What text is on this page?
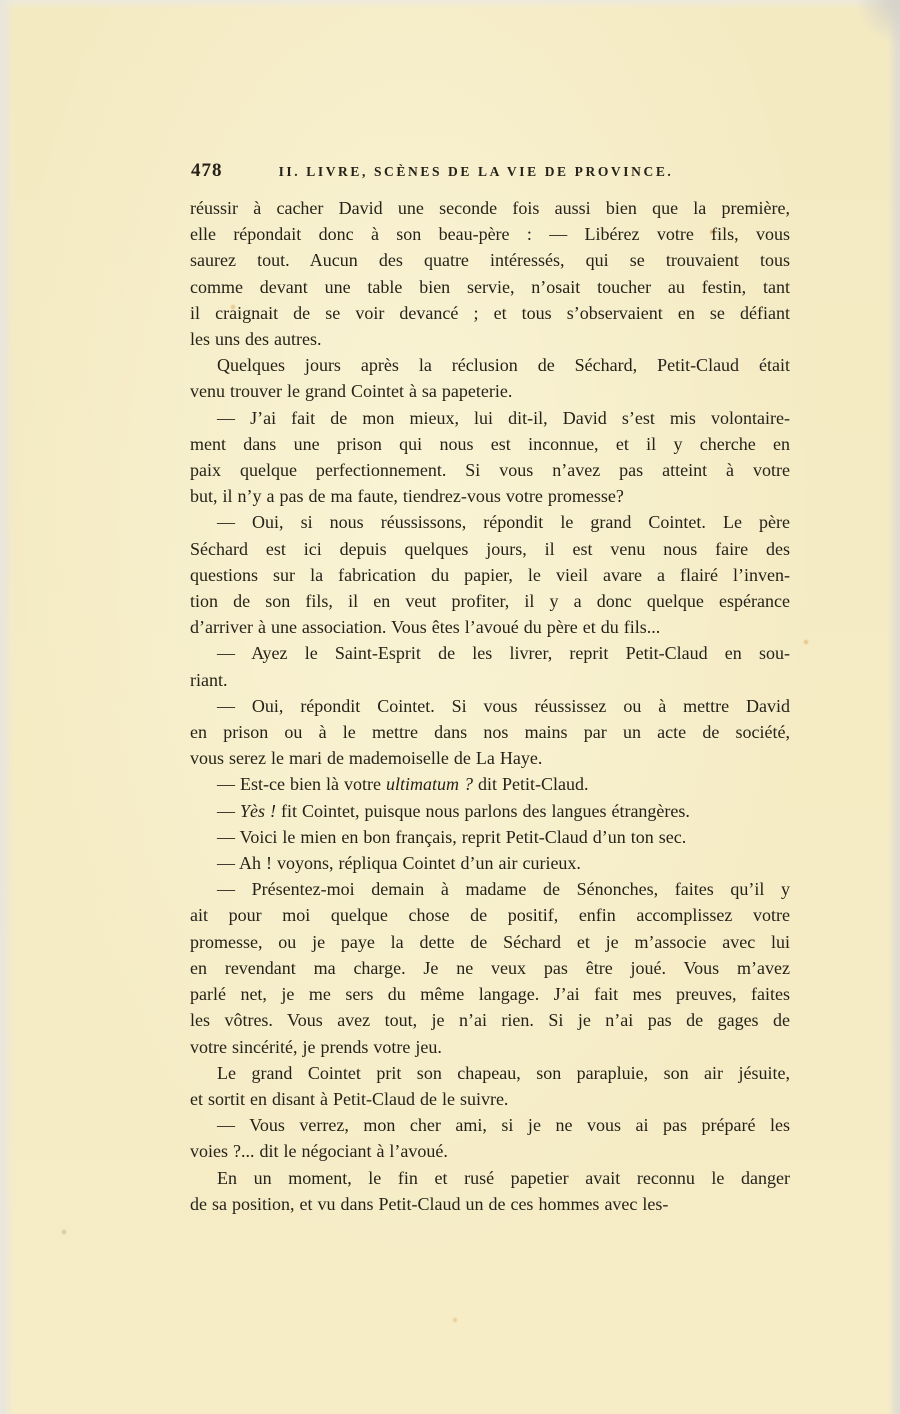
478	II. LIVRE, SCÈNES DE LA VIE DE PROVINCE.
réussir à cacher David une seconde fois aussi bien que la première,
elle répondait donc à son beau-père : — Libérez votre fils, vous
saurez tout. Aucun des quatre intéressés, qui se trouvaient tous
comme devant une table bien servie, n’osait toucher au festin, tant
il craignait de se voir devancé ; et tous s’observaient en se défiant
les uns des autres.
Quelques jours après la réclusion de Séchard, Petit-Claud était
venu trouver le grand Cointet à sa papeterie.
— J’ai fait de mon mieux, lui dit-il, David s’est mis volontaire-
ment dans une prison qui nous est inconnue, et il y cherche en
paix quelque perfectionnement. Si vous n’avez pas atteint à votre
but, il n’y a pas de ma faute, tiendrez-vous votre promesse?
— Oui, si nous réussissons, répondit le grand Cointet. Le père
Séchard est ici depuis quelques jours, il est venu nous faire des
questions sur la fabrication du papier, le vieil avare a flairé l’inven-
tion de son fils, il en veut profiter, il y a donc quelque espérance
d’arriver à une association. Vous êtes l’avoué du père et du fils...
— Ayez le Saint-Esprit de les livrer, reprit Petit-Claud en sou-
riant.
— Oui, répondit Cointet. Si vous réussissez ou à mettre David
en prison ou à le mettre dans nos mains par un acte de société,
vous serez le mari de mademoiselle de La Haye.
— Est-ce bien là votre ultimatum ? dit Petit-Claud.
— Yès ! fit Cointet, puisque nous parlons des langues étrangères.
— Voici le mien en bon français, reprit Petit-Claud d’un ton sec.
— Ah ! voyons, répliqua Cointet d’un air curieux.
— Présentez-moi demain à madame de Sénonches, faites qu’il y
ait pour moi quelque chose de positif, enfin accomplissez votre
promesse, ou je paye la dette de Séchard et je m’associe avec lui
en revendant ma charge. Je ne veux pas être joué. Vous m’avez
parlé net, je me sers du même langage. J’ai fait mes preuves, faites
les vôtres. Vous avez tout, je n’ai rien. Si je n’ai pas de gages de
votre sincérité, je prends votre jeu.
Le grand Cointet prit son chapeau, son parapluie, son air jésuite,
et sortit en disant à Petit-Claud de le suivre.
— Vous verrez, mon cher ami, si je ne vous ai pas préparé les
voies ?... dit le négociant à l’avoué.
En un moment, le fin et rusé papetier avait reconnu le danger
de sa position, et vu dans Petit-Claud un de ces hommes avec les-
